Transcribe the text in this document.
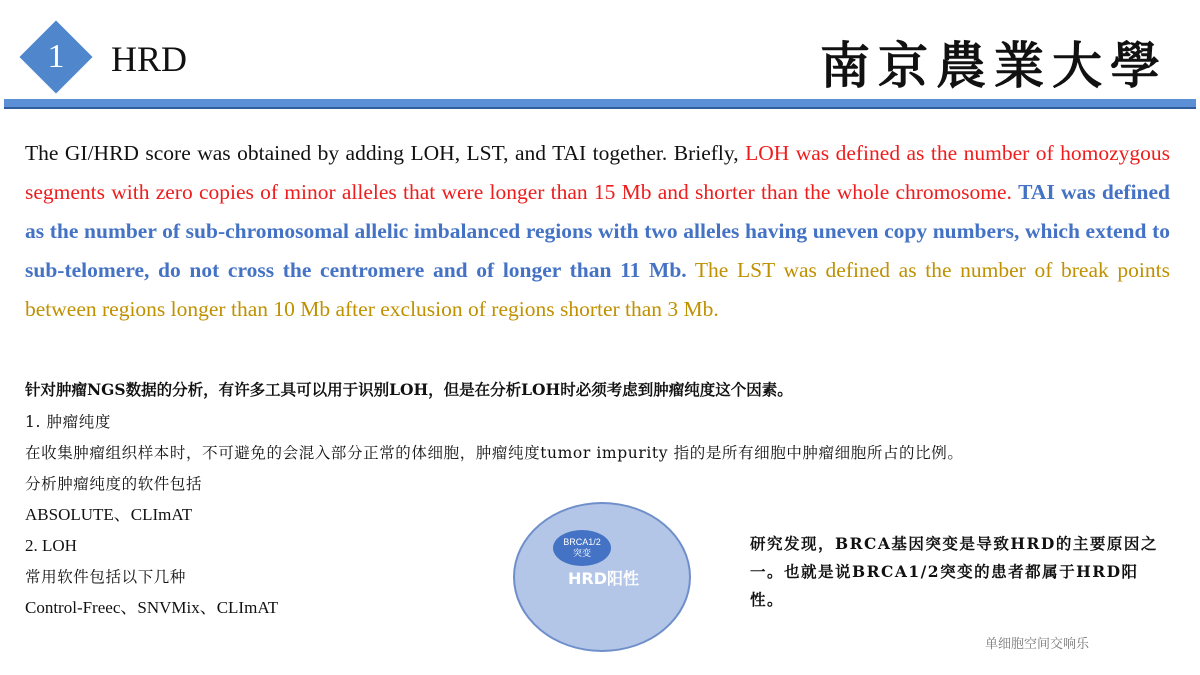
1	HRD	南京農業大學

The GI/HRD score was obtained by adding LOH, LST, and TAI together. Briefly, LOH was defined as the number of homozygous segments with zero copies of minor alleles that were longer than 15 Mb and shorter than the whole chromosome. TAI was defined as the number of sub-chromosomal allelic imbalanced regions with two alleles having uneven copy numbers, which extend to sub-telomere, do not cross the centromere and of longer than 11 Mb. The LST was defined as the number of break points between regions longer than 10 Mb after exclusion of regions shorter than 3 Mb.

针对肿瘤NGS数据的分析，有许多工具可以用于识别LOH，但是在分析LOH时必须考虑到肿瘤纯度这个因素。
1. 肿瘤纯度
在收集肿瘤组织样本时，不可避免的会混入部分正常的体细胞，肿瘤纯度tumor impurity 指的是所有细胞中肿瘤细胞所占的比例。
分析肿瘤纯度的软件包括
ABSOLUTE、CLImAT
2. LOH
常用软件包括以下几种
Control-Freec、SNVMix、CLImAT
BRCA1/2
突变
HRD阳性

研究发现，BRCA基因突变是导致HRD的主要原因之一。也就是说BRCA1/2突变的患者都属于HRD阳性。

单细胞空间交响乐
